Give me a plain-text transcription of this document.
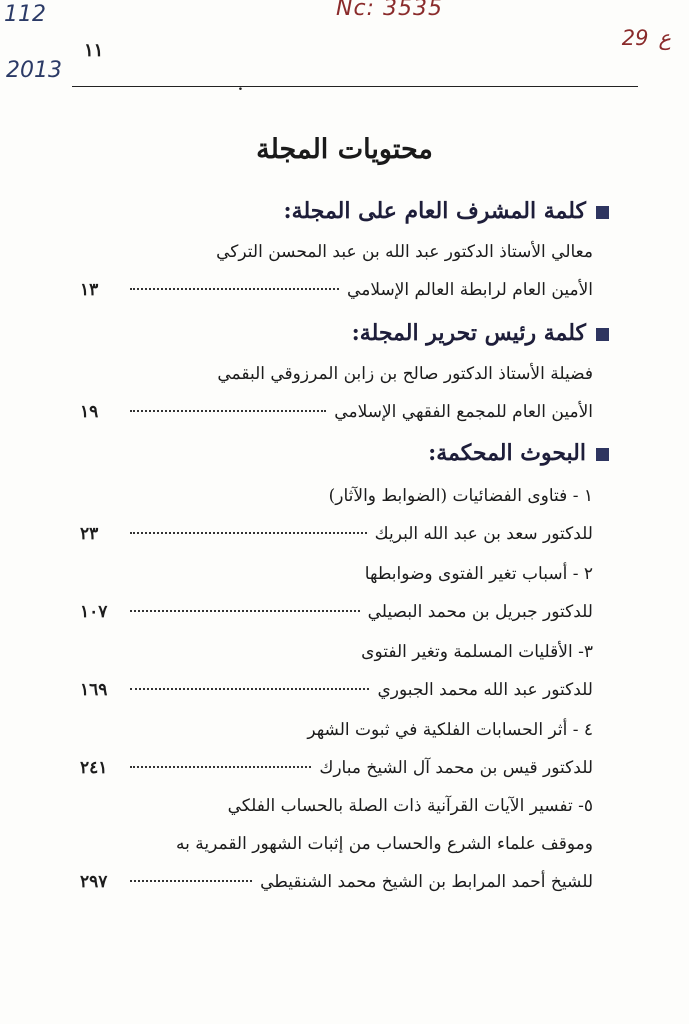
112
2013
Nc: 3535
29 ع
١١
.
محتويات المجلة
كلمة المشرف العام على المجلة:
معالي الأستاذ الدكتور عبد الله بن عبد المحسن التركي
الأمين العام لرابطة العالم الإسلامي
١٣
كلمة رئيس تحرير المجلة:
فضيلة الأستاذ الدكتور صالح بن زابن المرزوقي البقمي
الأمين العام للمجمع الفقهي الإسلامي
١٩
البحوث المحكمة:
١ - فتاوى الفضائيات (الضوابط والآثار)
للدكتور سعد بن عبد الله البريك
٢٣
٢ - أسباب تغير الفتوى وضوابطها
للدكتور جبريل بن محمد البصيلي
١٠٧
٣- الأقليات المسلمة وتغير الفتوى
للدكتور عبد الله محمد الجبوري
١٦٩
٤ - أثر الحسابات الفلكية في ثبوت الشهر
للدكتور قيس بن محمد آل الشيخ مبارك
٢٤١
٥- تفسير الآيات القرآنية ذات الصلة بالحساب الفلكي
وموقف علماء الشرع والحساب من إثبات الشهور القمرية به
للشيخ أحمد المرابط بن الشيخ محمد الشنقيطي
٢٩٧
